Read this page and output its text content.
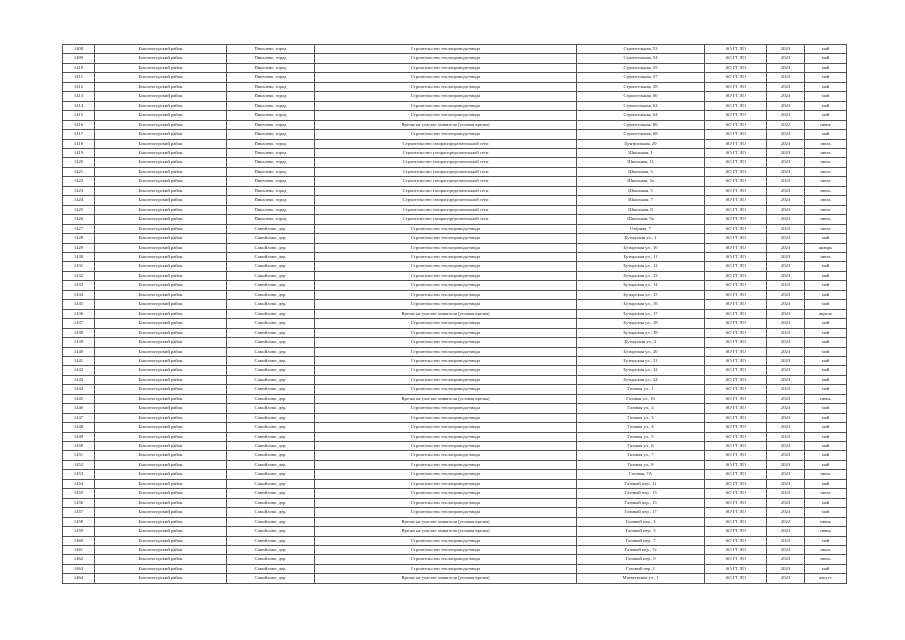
1408	Бокситогорский район	Пикалево, город	Строительство теплопровода-ввода	Строительная, 53	АО ГТ ЛО	2023	май
1409	Бокситогорский район	Пикалево, город	Строительство теплопровода-ввода	Строительная, 54	АО ГТ ЛО	2023	май
1410	Бокситогорский район	Пикалево, город	Строительство теплопровода-ввода	Строительная, 55	АО ГТ ЛО	2023	май
1411	Бокситогорский район	Пикалево, город	Строительство теплопровода-ввода	Строительная, 57	АО ГТ ЛО	2023	май
1412	Бокситогорский район	Пикалево, город	Строительство теплопровода-ввода	Строительная, 58	АО ГТ ЛО	2023	май
1413	Бокситогорский район	Пикалево, город	Строительство теплопровода-ввода	Строительная, 60	АО ГТ ЛО	2023	май
1414	Бокситогорский район	Пикалево, город	Строительство теплопровода-ввода	Строительная, 62	АО ГТ ЛО	2023	май
1415	Бокситогорский район	Пикалево, город	Строительство теплопровода-ввода	Строительная, 64	АО ГТ ЛО	2023	май
1416	Бокситогорский район	Пикалево, город	Врезка на участке заявителя (угловая врезка)	Строительная, 66	АО ГТ ЛО	2022	июнь
1417	Бокситогорский район	Пикалево, город	Строительство теплопровода-ввода	Строительная, 68	АО ГТ ЛО	2023	май
1418	Бокситогорский район	Пикалево, город	Строительство газораспределительной сети	Центральная, 29	АО ГТ ЛО	2023	июль
1419	Бокситогорский район	Пикалево, город	Строительство газораспределительной сети	Школьная, 1	АО ГТ ЛО	2023	июль
1420	Бокситогорский район	Пикалево, город	Строительство газораспределительной сети	Школьная, 11	АО ГТ ЛО	2023	июль
1421	Бокситогорский район	Пикалево, город	Строительство газораспределительной сети	Школьная, 3	АО ГТ ЛО	2023	июль
1422	Бокситогорский район	Пикалево, город	Строительство газораспределительной сети	Школьная, 3а	АО ГТ ЛО	2023	июль
1423	Бокситогорский район	Пикалево, город	Строительство газораспределительной сети	Школьная, 5	АО ГТ ЛО	2023	июль
1424	Бокситогорский район	Пикалево, город	Строительство газораспределительной сети	Школьная, 7	АО ГТ ЛО	2023	июль
1425	Бокситогорский район	Пикалево, город	Строительство газораспределительной сети	Школьная, 8	АО ГТ ЛО	2023	июль
1426	Бокситогорский район	Пикалево, город	Строительство газораспределительной сети	Школьная, 9а	АО ГТ ЛО	2023	июль
1427	Бокситогорский район	Самойлово, дер.	Строительство теплопровода-ввода	Озёрная, 7	АО ГТ ЛО	2023	июль
1428	Бокситогорский район	Самойлово, дер.	Строительство теплопровода-ввода	Бутырская ул., 1	АО ГТ ЛО	2023	май
1429	Бокситогорский район	Самойлово, дер.	Строительство теплопровода-ввода	Бутырская ул., 10	АО ГТ ЛО	2023	январь
1430	Бокситогорский район	Самойлово, дер.	Строительство теплопровода-ввода	Бутырская ул., 11	АО ГТ ЛО	2023	июль
1431	Бокситогорский район	Самойлово, дер.	Строительство теплопровода-ввода	Бутырская ул., 12	АО ГТ ЛО	2023	май
1432	Бокситогорский район	Самойлово, дер.	Строительство теплопровода-ввода	Бутырская ул., 13	АО ГТ ЛО	2023	май
1433	Бокситогорский район	Самойлово, дер.	Строительство теплопровода-ввода	Бутырская ул., 14	АО ГТ ЛО	2023	май
1434	Бокситогорский район	Самойлово, дер.	Строительство теплопровода-ввода	Бутырская ул., 15	АО ГТ ЛО	2023	май
1435	Бокситогорский район	Самойлово, дер.	Строительство теплопровода-ввода	Бутырская ул., 16	АО ГТ ЛО	2023	май
1436	Бокситогорский район	Самойлово, дер.	Врезка на участке заявителя (угловая врезка)	Бутырская ул., 17	АО ГТ ЛО	2023	апрель
1437	Бокситогорский район	Самойлово, дер.	Строительство теплопровода-ввода	Бутырская ул., 18	АО ГТ ЛО	2023	май
1438	Бокситогорский район	Самойлово, дер.	Строительство теплопровода-ввода	Бутырская ул., 19	АО ГТ ЛО	2023	май
1439	Бокситогорский район	Самойлово, дер.	Строительство теплопровода-ввода	Бутырская ул., 2	АО ГТ ЛО	2023	май
1440	Бокситогорский район	Самойлово, дер.	Строительство теплопровода-ввода	Бутырская ул., 20	АО ГТ ЛО	2023	май
1441	Бокситогорский район	Самойлово, дер.	Строительство теплопровода-ввода	Бутырская ул., 21	АО ГТ ЛО	2023	май
1442	Бокситогорский район	Самойлово, дер.	Строительство теплопровода-ввода	Бутырская ул., 22	АО ГТ ЛО	2023	май
1443	Бокситогорский район	Самойлово, дер.	Строительство теплопровода-ввода	Бутырская ул., 24	АО ГТ ЛО	2023	май
1444	Бокситогорский район	Самойлово, дер.	Строительство теплопровода-ввода	Газовая ул., 1	АО ГТ ЛО	2023	май
1445	Бокситогорский район	Самойлово, дер.	Врезка на участке заявителя (угловая врезка)	Газовая ул., 10	АО ГТ ЛО	2023	июнь
1446	Бокситогорский район	Самойлово, дер.	Строительство теплопровода-ввода	Газовая ул., 2	АО ГТ ЛО	2023	май
1447	Бокситогорский район	Самойлово, дер.	Строительство теплопровода-ввода	Газовая ул., 3	АО ГТ ЛО	2023	май
1448	Бокситогорский район	Самойлово, дер.	Строительство теплопровода-ввода	Газовая ул., 4	АО ГТ ЛО	2023	май
1449	Бокситогорский район	Самойлово, дер.	Строительство теплопровода-ввода	Газовая ул., 5	АО ГТ ЛО	2023	май
1450	Бокситогорский район	Самойлово, дер.	Строительство теплопровода-ввода	Газовая ул., 6	АО ГТ ЛО	2023	май
1451	Бокситогорский район	Самойлово, дер.	Строительство теплопровода-ввода	Газовая ул., 7	АО ГТ ЛО	2023	май
1452	Бокситогорский район	Самойлово, дер.	Строительство теплопровода-ввода	Газовая ул., 8	АО ГТ ЛО	2023	май
1453	Бокситогорский район	Самойлово, дер.	Строительство теплопровода-ввода	Газовая, 7А	АО ГТ ЛО	2023	июль
1454	Бокситогорский район	Самойлово, дер.	Строительство теплопровода-ввода	Газовый пер., 11	АО ГТ ЛО	2023	май
1455	Бокситогорский район	Самойлово, дер.	Строительство теплопровода-ввода	Газовый пер., 13	АО ГТ ЛО	2023	июль
1456	Бокситогорский район	Самойлово, дер.	Строительство теплопровода-ввода	Газовый пер., 15	АО ГТ ЛО	2023	май
1457	Бокситогорский район	Самойлово, дер.	Строительство теплопровода-ввода	Газовый пер., 17	АО ГТ ЛО	2023	май
1458	Бокситогорский район	Самойлово, дер.	Врезка на участке заявителя (угловая врезка)	Газовый пер., 3	АО ГТ ЛО	2022	июнь
1459	Бокситогорский район	Самойлово, дер.	Врезка на участке заявителя (угловая врезка)	Газовый пер., 5	АО ГТ ЛО	2023	июнь
1460	Бокситогорский район	Самойлово, дер.	Строительство теплопровода-ввода	Газовый пер., 7	АО ГТ ЛО	2023	май
1461	Бокситогорский район	Самойлово, дер.	Строительство теплопровода-ввода	Газовый пер., 7а	АО ГТ ЛО	2023	июль
1462	Бокситогорский район	Самойлово, дер.	Строительство теплопровода-ввода	Газовый пер., 9	АО ГТ ЛО	2023	июль
1463	Бокситогорский район	Самойлово, дер.	Строительство теплопровода-ввода	Газовый пер.,1	АО ГТ ЛО	2023	май
1464	Бокситогорский район	Самойлово, дер.	Врезка на участке заявителя (угловая врезка)	Матвеевская ул., 1	АО ГТ ЛО	2023	август
